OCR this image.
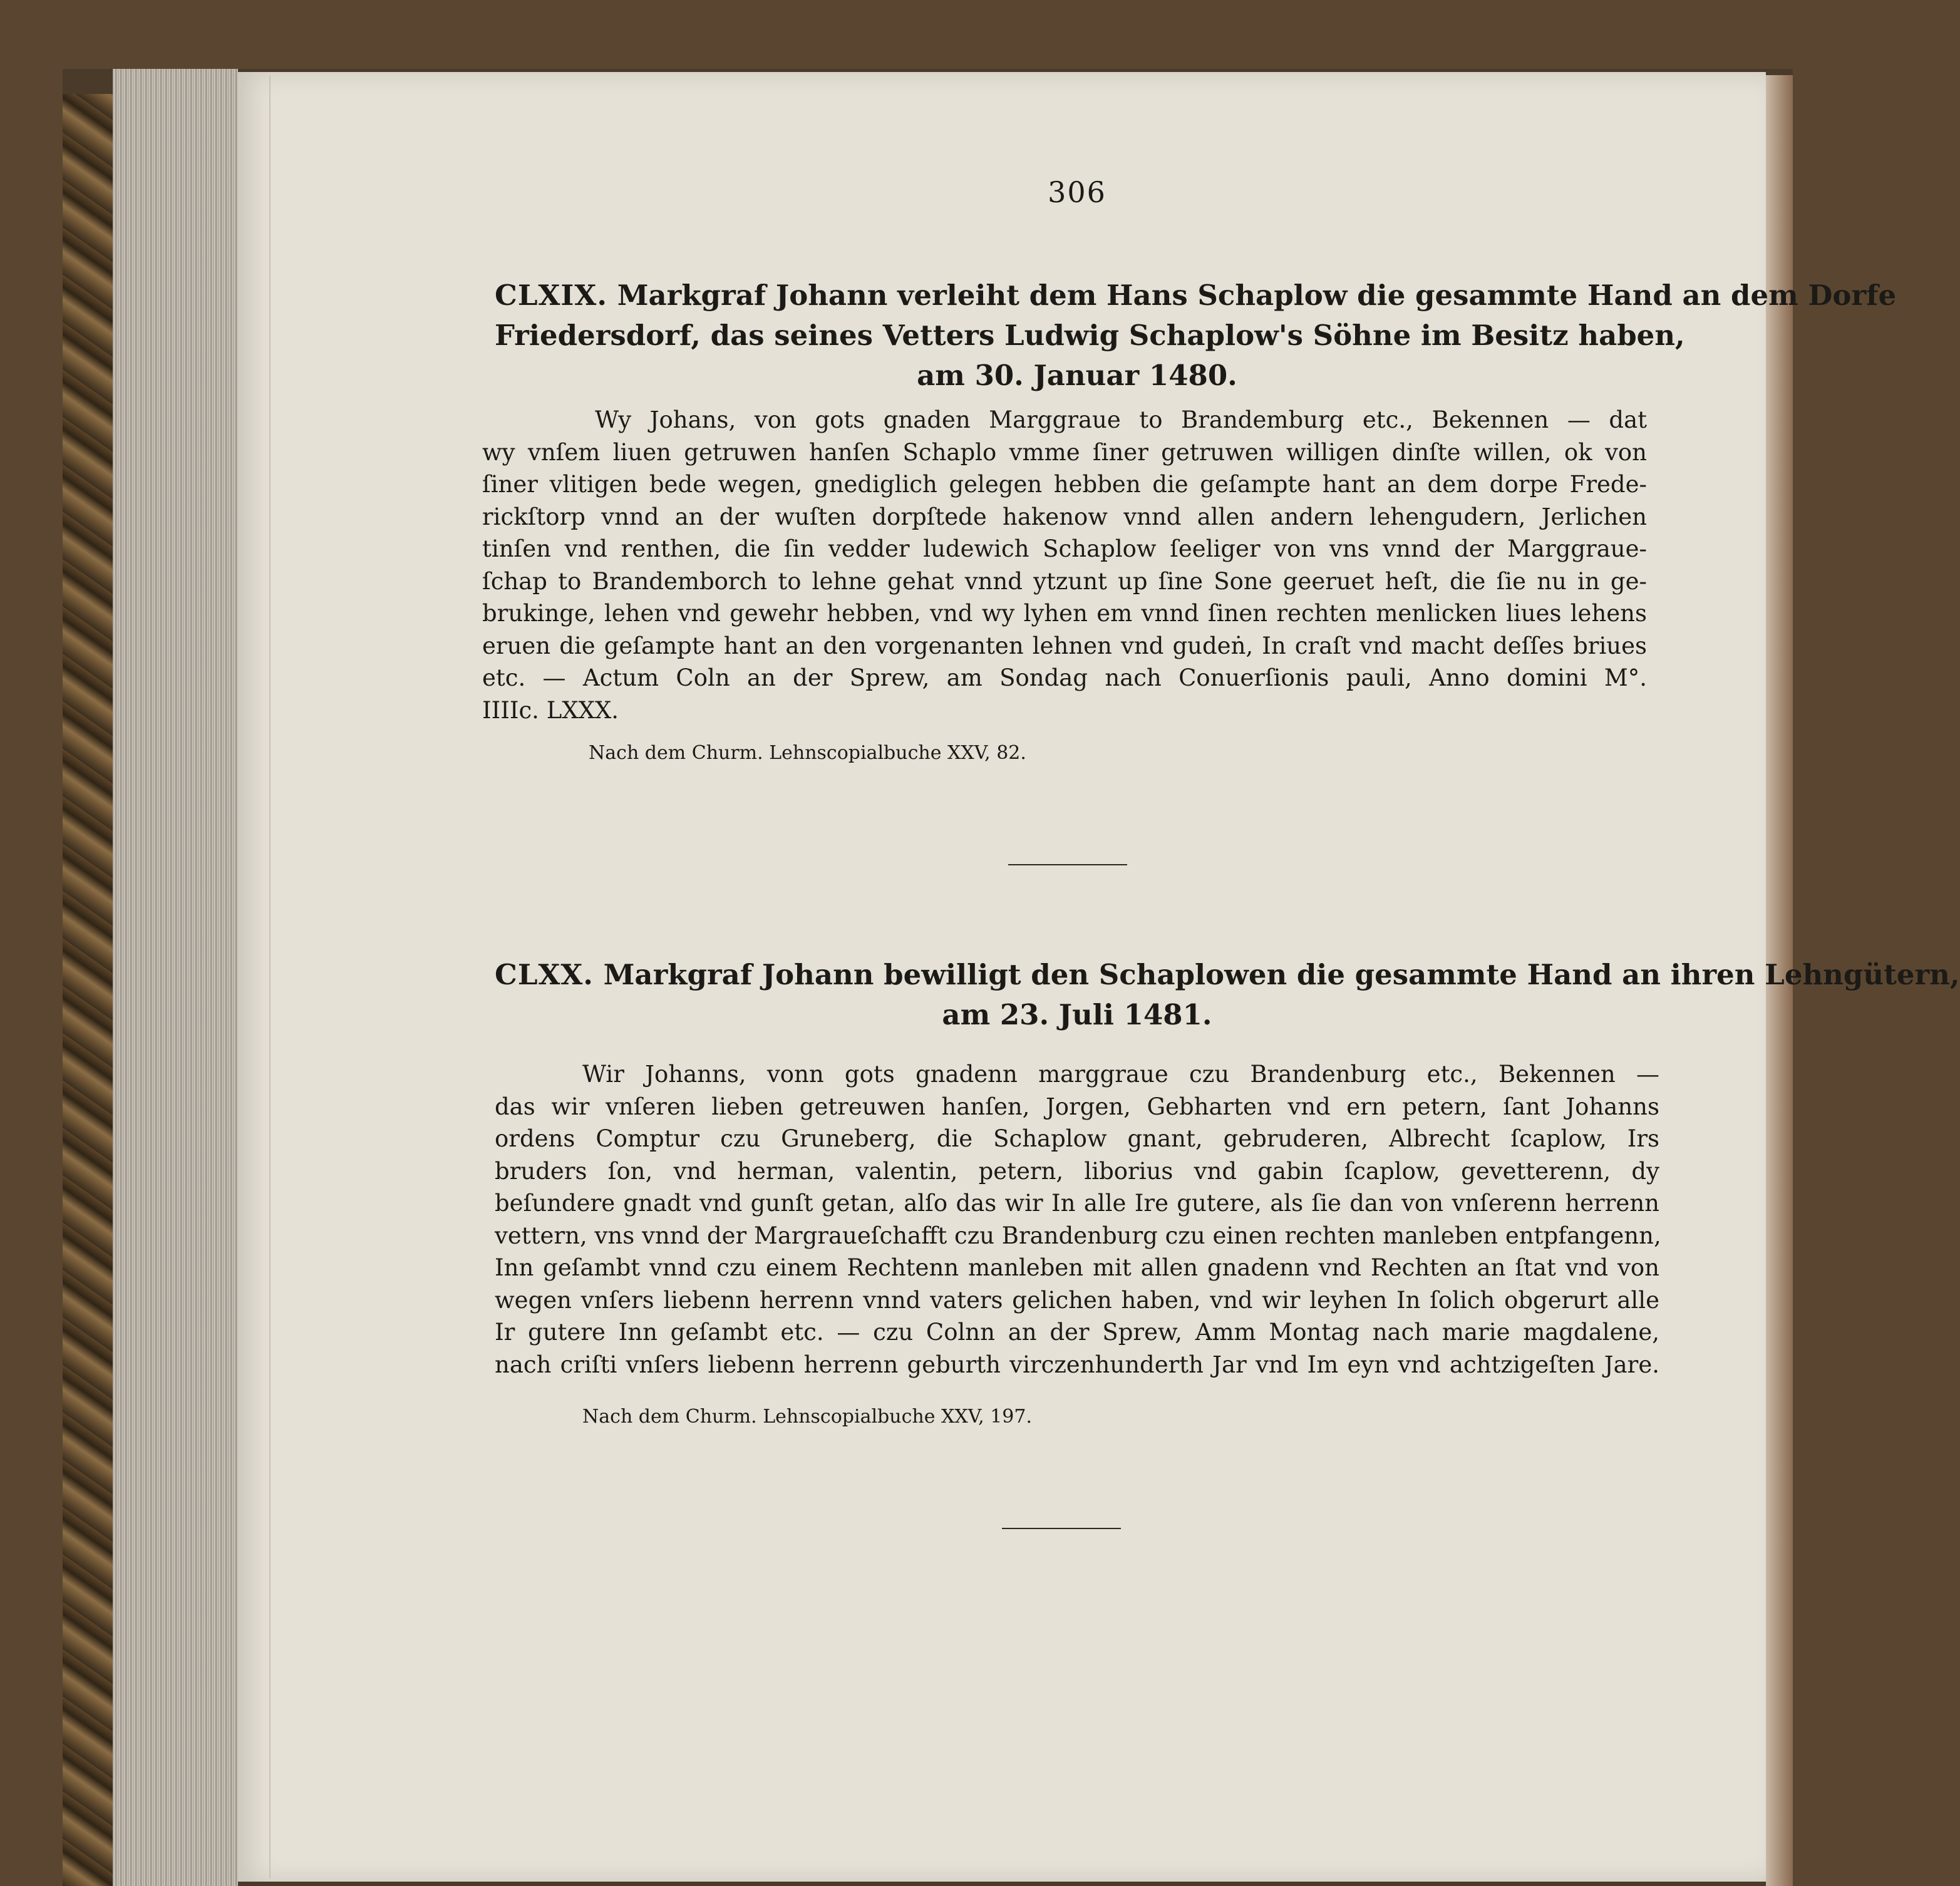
306
CLXIX. Markgraf Johann verleiht dem Hans Schaplow die gesammte Hand an dem Dorfe
Friedersdorf, das seines Vetters Ludwig Schaplow's Söhne im Besitz haben,
am 30. Januar 1480.
Wy Johans, von gots gnaden Marggraue to Brandemburg etc., Bekennen — dat
wy vnſem liuen getruwen hanſen Schaplo vmme ſiner getruwen willigen dinſte willen, ok von
ſiner vlitigen bede wegen, gnediglich gelegen hebben die geſampte hant an dem dorpe Frede-
rickſtorp vnnd an der wuſten dorpſtede hakenow vnnd allen andern lehengudern, Jerlichen
tinſen vnd renthen, die ſin vedder ludewich Schaplow ſeeliger von vns vnnd der Marggraue-
ſchap to Brandemborch to lehne gehat vnnd ytzunt up ſine Sone geeruet heſt, die ſie nu in ge-
brukinge, lehen vnd gewehr hebben, vnd wy lyhen em vnnd ſinen rechten menlicken liues lehens
eruen die geſampte hant an den vorgenanten lehnen vnd gudeṅ, In craſt vnd macht deſſes briues
etc. — Actum Coln an der Sprew, am Sondag nach Conuerſionis pauli, Anno domini M°.
IIIIc. LXXX.
Nach dem Churm. Lehnscopialbuche XXV, 82.
CLXX. Markgraf Johann bewilligt den Schaplowen die gesammte Hand an ihren Lehngütern,
am 23. Juli 1481.
Wir Johanns, vonn gots gnadenn marggraue czu Brandenburg etc., Bekennen —
das wir vnſeren lieben getreuwen hanſen, Jorgen, Gebharten vnd ern petern, ſant Johanns
ordens Comptur czu Gruneberg, die Schaplow gnant, gebruderen, Albrecht ſcaplow, Irs
bruders ſon, vnd herman, valentin, petern, liborius vnd gabin ſcaplow, gevetterenn, dy
beſundere gnadt vnd gunſt getan, alſo das wir In alle Ire gutere, als ſie dan von vnſerenn herrenn
vettern, vns vnnd der Margraueſchafft czu Brandenburg czu einen rechten manleben entpfangenn,
Inn geſambt vnnd czu einem Rechtenn manleben mit allen gnadenn vnd Rechten an ſtat vnd von
wegen vnſers liebenn herrenn vnnd vaters gelichen haben, vnd wir leyhen In ſolich obgerurt alle
Ir gutere Inn geſambt etc. — czu Colnn an der Sprew, Amm Montag nach marie magdalene,
nach criſti vnſers liebenn herrenn geburth virczenhunderth Jar vnd Im eyn vnd achtzigeſten Jare.
Nach dem Churm. Lehnscopialbuche XXV, 197.
